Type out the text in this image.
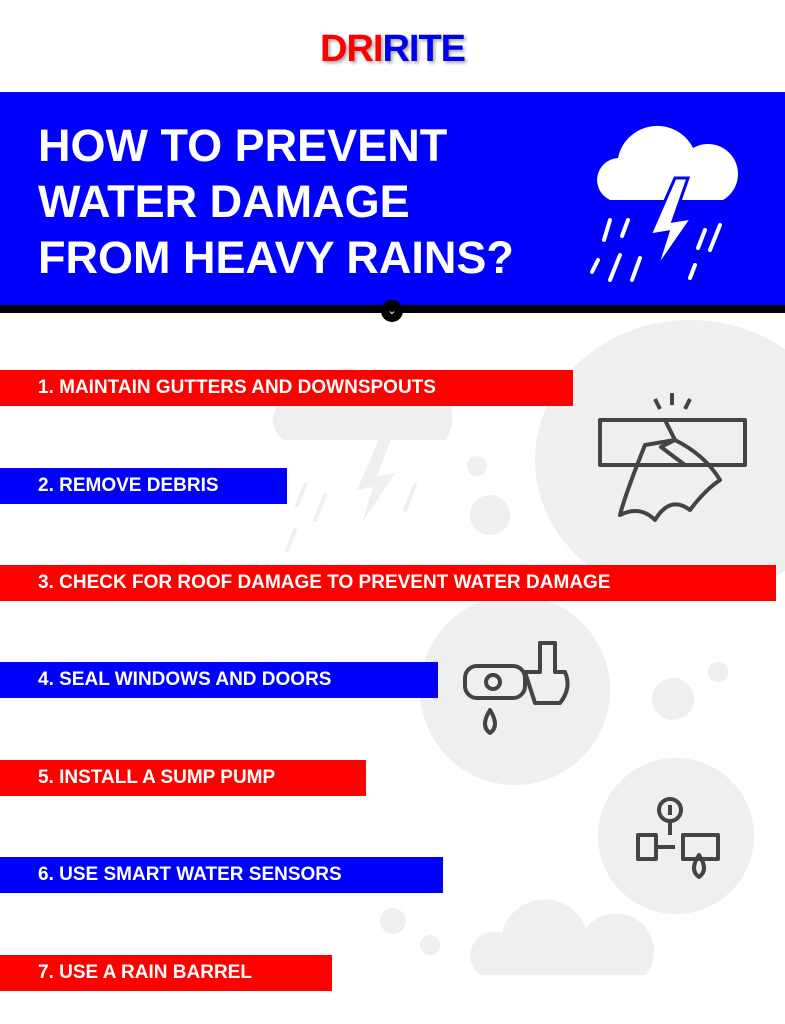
DRIRITE
HOW TO PREVENT
WATER DAMAGE
FROM HEAVY RAINS?
⌄
1. MAINTAIN GUTTERS AND DOWNSPOUTS
2. REMOVE DEBRIS
3. CHECK FOR ROOF DAMAGE TO PREVENT WATER DAMAGE
4. SEAL WINDOWS AND DOORS
5. INSTALL A SUMP PUMP
6. USE SMART WATER SENSORS
7. USE A RAIN BARREL
